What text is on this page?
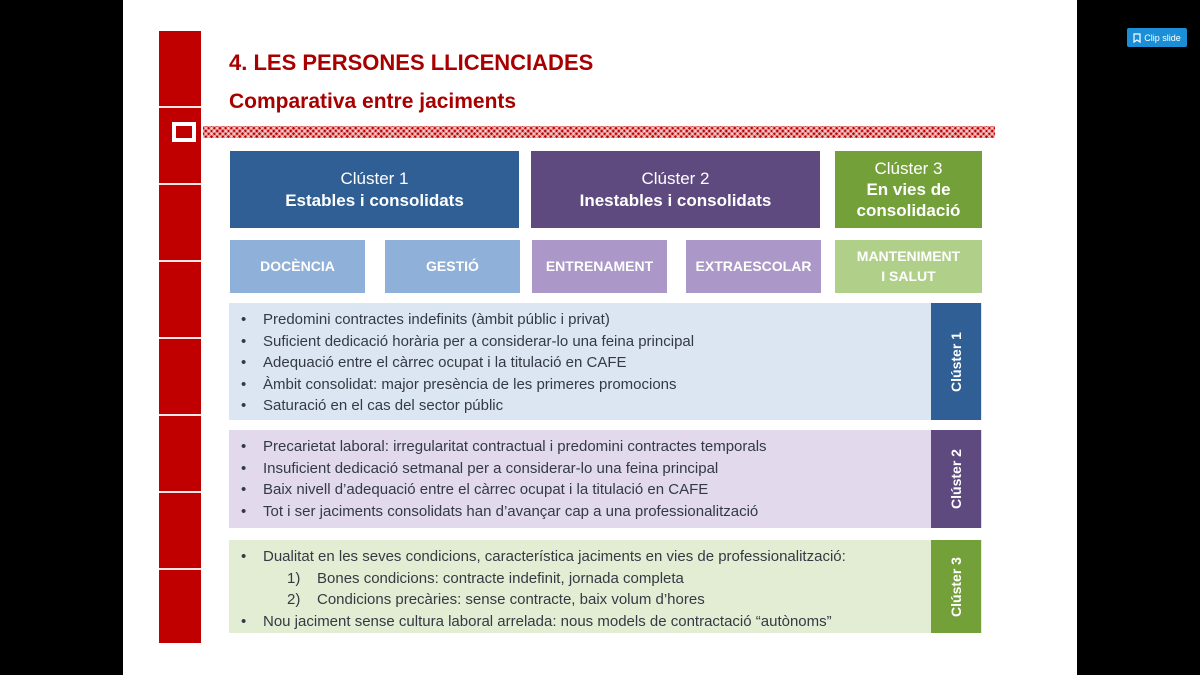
4. LES PERSONES LLICENCIADES
Comparativa entre jaciments
Clúster 1
Estables i consolidats
Clúster 2
Inestables i consolidats
Clúster 3
En vies de
consolidació
DOCÈNCIA	GESTIÓ	ENTRENAMENT	EXTRAESCOLAR
MANTENIMENT
I SALUT
• Predomini contractes indefinits (àmbit públic i privat)
• Suficient dedicació horària per a considerar-lo una feina principal
• Adequació entre el càrrec ocupat i la titulació en CAFE
• Àmbit consolidat: major presència de les primeres promocions
• Saturació en el cas del sector públic
Clúster 1
• Precarietat laboral: irregularitat contractual i predomini contractes temporals
• Insuficient dedicació setmanal per a considerar-lo una feina principal
• Baix nivell d’adequació entre el càrrec ocupat i la titulació en CAFE
• Tot i ser jaciments consolidats han d’avançar cap a una professionalització
Clúster 2
• Dualitat en les seves condicions, característica jaciments en vies de professionalització:
1) Bones condicions: contracte indefinit, jornada completa
2) Condicions precàries: sense contracte, baix volum d’hores
• Nou jaciment sense cultura laboral arrelada: nous models de contractació “autònoms”
Clúster 3
Clip slide
